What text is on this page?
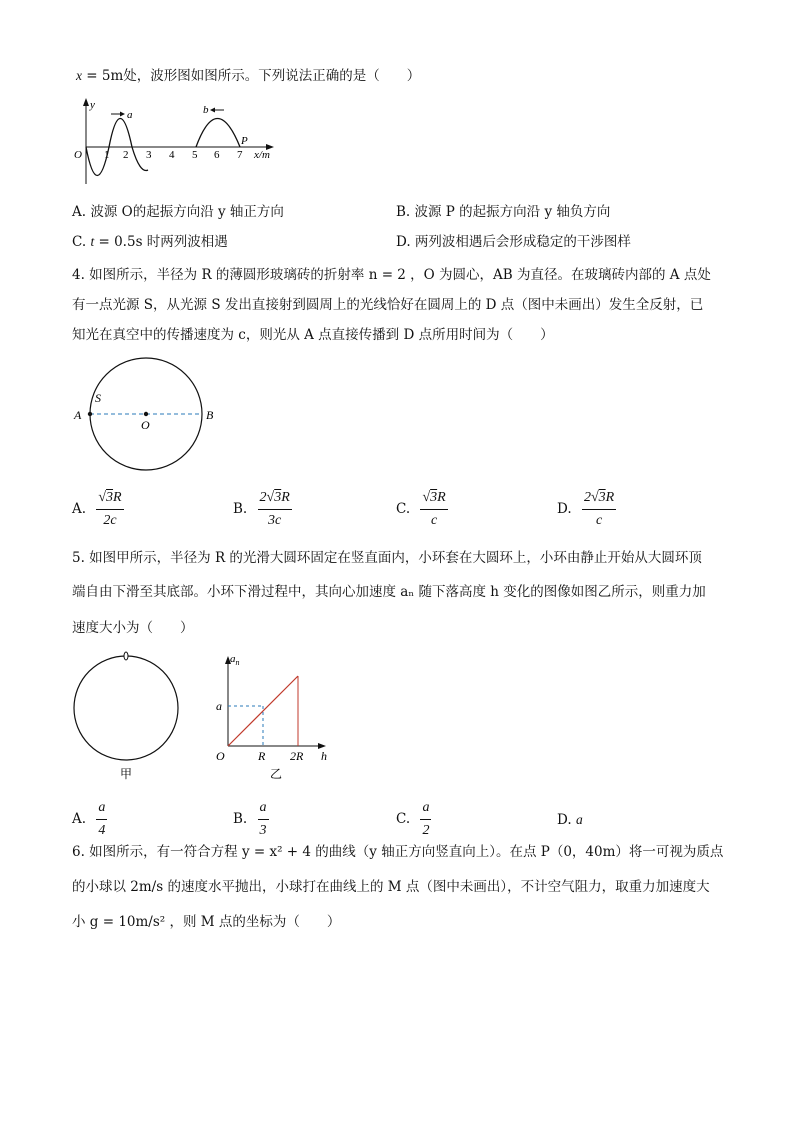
x = 5m处，波形图如图所示。下列说法正确的是（　　）
y
x/m
O 1 2 3 4 5 6 7
a	b
P
A. 波源 O的起振方向沿 y 轴正方向	B. 波源 P 的起振方向沿 y 轴负方向
C. t = 0.5s 时两列波相遇	D. 两列波相遇后会形成稳定的干涉图样
4. 如图所示，半径为 R 的薄圆形玻璃砖的折射率 n = 2 ，O 为圆心，AB 为直径。在玻璃砖内部的 A 点处
有一点光源 S，从光源 S 发出直接射到圆周上的光线恰好在圆周上的 D 点（图中未画出）发生全反射，已
知光在真空中的传播速度为 c，则光从 A 点直接传播到 D 点所用时间为（　　）
A	B
O
S
A. $\frac{√3R}{2c}$	B. $\frac{2√3R}{3c}$	C. $\frac{√3R}{c}$	D. $\frac{2√3R}{c}$
5. 如图甲所示，半径为 R 的光滑大圆环固定在竖直面内，小环套在大圆环上，小环由静止开始从大圆环顶
端自由下滑至其底部。小环下滑过程中，其向心加速度 aₙ 随下落高度 h 变化的图像如图乙所示，则重力加
速度大小为（　　）
甲
$a_n$
a
O	R 2R h
乙
A. $\frac{a}{4}$	B. $\frac{a}{3}$	C. $\frac{a}{2}$	D. a
6. 如图所示，有一符合方程 y = x² + 4 的曲线（y 轴正方向竖直向上）。在点 P（0，40m）将一可视为质点
的小球以 2m/s 的速度水平抛出，小球打在曲线上的 M 点（图中未画出），不计空气阻力，取重力加速度大
小 g = 10m/s² ，则 M 点的坐标为（　　）
